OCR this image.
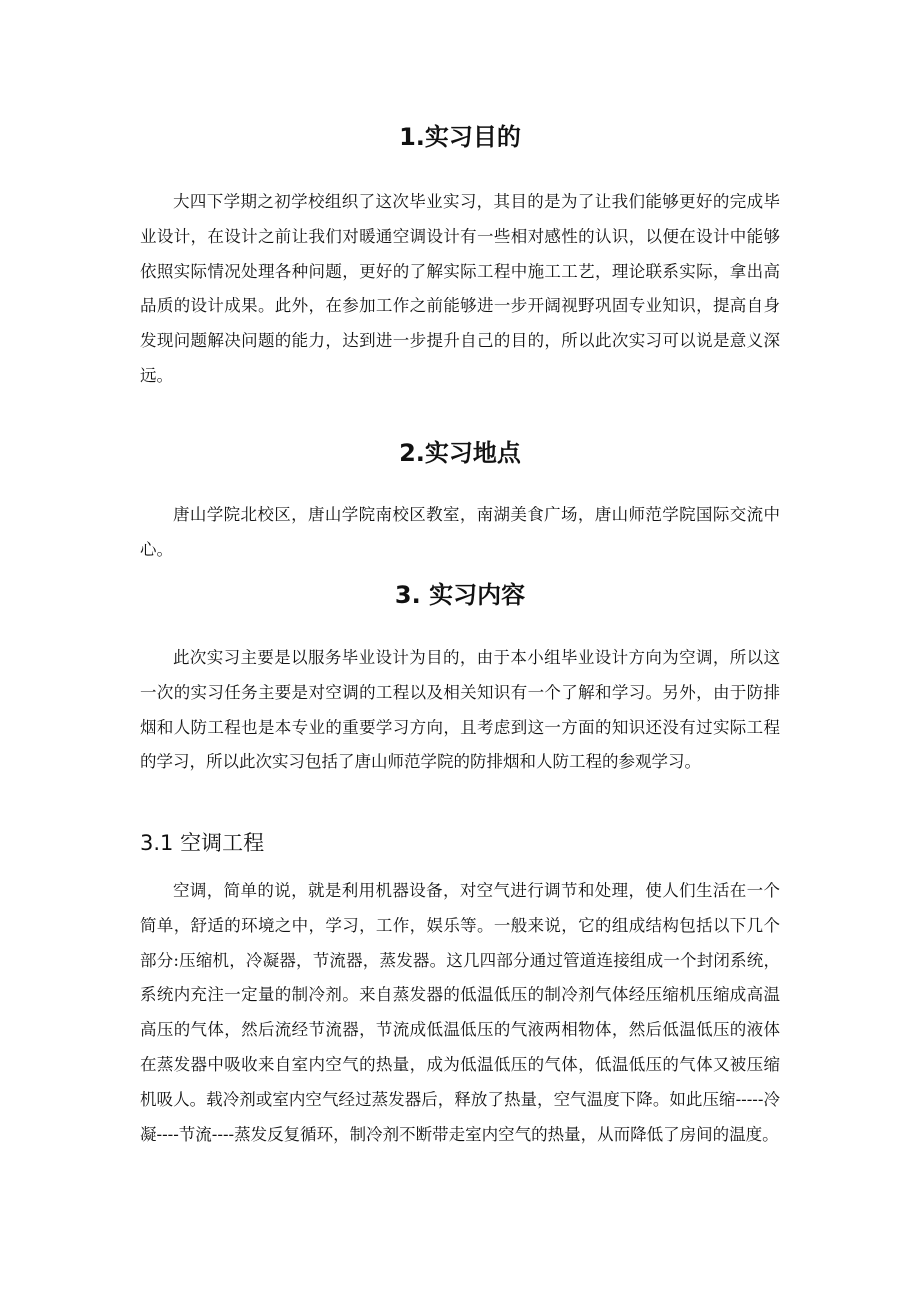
1.实习目的

大四下学期之初学校组织了这次毕业实习，其目的是为了让我们能够更好的完成毕业设计，在设计之前让我们对暖通空调设计有一些相对感性的认识，以便在设计中能够依照实际情况处理各种问题，更好的了解实际工程中施工工艺，理论联系实际，拿出高品质的设计成果。此外，在参加工作之前能够进一步开阔视野巩固专业知识，提高自身发现问题解决问题的能力，达到进一步提升自己的目的，所以此次实习可以说是意义深远。

2.实习地点

唐山学院北校区，唐山学院南校区教室，南湖美食广场，唐山师范学院国际交流中心。

3. 实习内容

此次实习主要是以服务毕业设计为目的，由于本小组毕业设计方向为空调，所以这一次的实习任务主要是对空调的工程以及相关知识有一个了解和学习。另外，由于防排烟和人防工程也是本专业的重要学习方向，且考虑到这一方面的知识还没有过实际工程的学习，所以此次实习包括了唐山师范学院的防排烟和人防工程的参观学习。

3.1 空调工程

空调，简单的说，就是利用机器设备，对空气进行调节和处理，使人们生活在一个简单，舒适的环境之中，学习，工作，娱乐等。一般来说，它的组成结构包括以下几个部分:压缩机，冷凝器，节流器，蒸发器。这几四部分通过管道连接组成一个封闭系统，系统内充注一定量的制冷剂。来自蒸发器的低温低压的制冷剂气体经压缩机压缩成高温高压的气体，然后流经节流器，节流成低温低压的气液两相物体，然后低温低压的液体在蒸发器中吸收来自室内空气的热量，成为低温低压的气体，低温低压的气体又被压缩机吸人。载冷剂或室内空气经过蒸发器后，释放了热量，空气温度下降。如此压缩-----冷凝----节流----蒸发反复循环，制冷剂不断带走室内空气的热量，从而降低了房间的温度。
